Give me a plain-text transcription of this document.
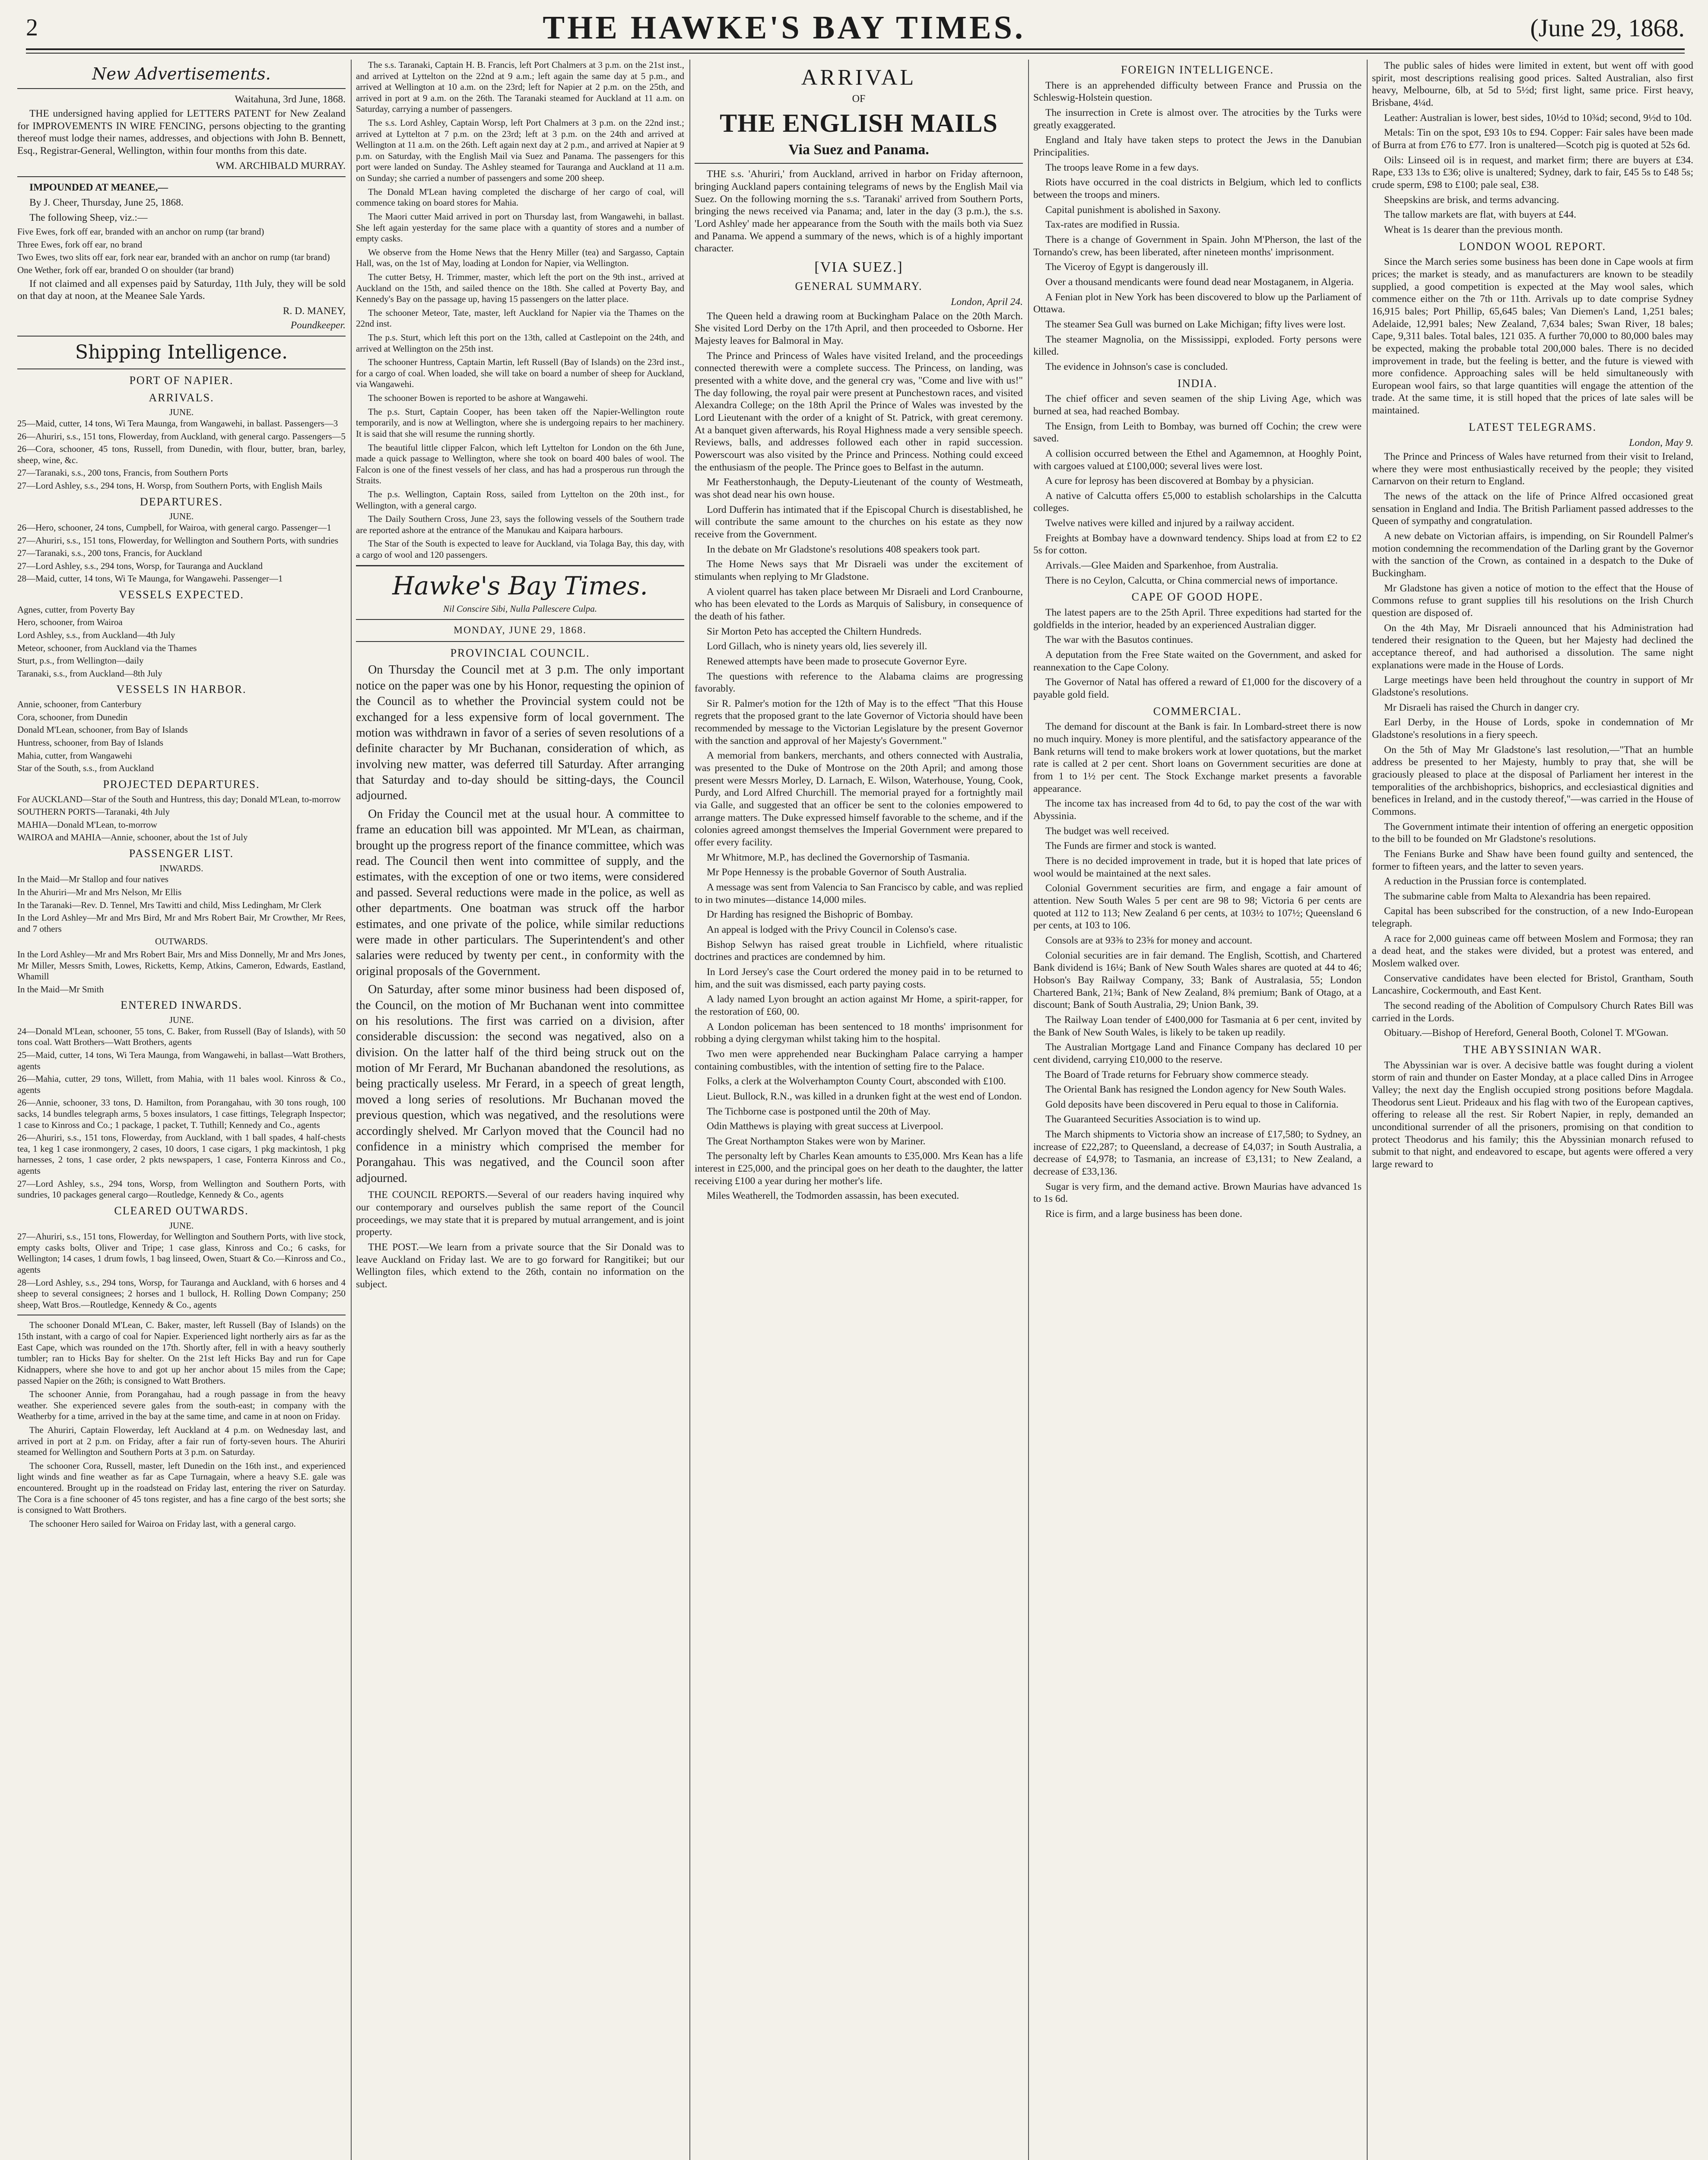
2	THE HAWKE'S BAY TIMES.	(June 29, 1868.
New Advertisements.
Waitahuna, 3rd June, 1868.

THE undersigned having applied for LETTERS PATENT for New Zealand for IMPROVEMENTS IN WIRE FENCING, persons objecting to the granting thereof must lodge their names, addresses, and objections with John B. Bennett, Esq., Registrar-General, Wellington, within four months from this date.

WM. ARCHIBALD MURRAY.

IMPOUNDED AT MEANEE,—

By J. Cheer, Thursday, June 25, 1868.

The following Sheep, viz.:—

Five Ewes, fork off ear, branded with an anchor on rump (tar brand)

Three Ewes, fork off ear, no brand

Two Ewes, two slits off ear, fork near ear, branded with an anchor on rump (tar brand)

One Wether, fork off ear, branded O on shoulder (tar brand)

If not claimed and all expenses paid by Saturday, 11th July, they will be sold on that day at noon, at the Meanee Sale Yards.

R. D. MANEY,
Poundkeeper.
Shipping Intelligence.
PORT OF NAPIER.
ARRIVALS.
JUNE.

25—Maid, cutter, 14 tons, Wi Tera Maunga, from Wangawehi, in ballast. Passengers—3

26—Ahuriri, s.s., 151 tons, Flowerday, from Auckland, with general cargo. Passengers—5

26—Cora, schooner, 45 tons, Russell, from Dunedin, with flour, butter, bran, barley, sheep, wine, &c.

27—Taranaki, s.s., 200 tons, Francis, from Southern Ports

27—Lord Ashley, s.s., 294 tons, H. Worsp, from Southern Ports, with English Mails

DEPARTURES.
JUNE.

26—Hero, schooner, 24 tons, Cumpbell, for Wairoa, with general cargo. Passenger—1

27—Ahuriri, s.s., 151 tons, Flowerday, for Wellington and Southern Ports, with sundries

27—Taranaki, s.s., 200 tons, Francis, for Auckland

27—Lord Ashley, s.s., 294 tons, Worsp, for Tauranga and Auckland

28—Maid, cutter, 14 tons, Wi Te Maunga, for Wangawehi. Passenger—1

VESSELS EXPECTED.

Agnes, cutter, from Poverty Bay

Hero, schooner, from Wairoa

Lord Ashley, s.s., from Auckland—4th July

Meteor, schooner, from Auckland via the Thames

Sturt, p.s., from Wellington—daily

Taranaki, s.s., from Auckland—8th July

VESSELS IN HARBOR.

Annie, schooner, from Canterbury

Cora, schooner, from Dunedin

Donald M'Lean, schooner, from Bay of Islands

Huntress, schooner, from Bay of Islands

Mahia, cutter, from Wangawehi

Star of the South, s.s., from Auckland

PROJECTED DEPARTURES.

For AUCKLAND—Star of the South and Huntress, this day; Donald M'Lean, to-morrow

SOUTHERN PORTS—Taranaki, 4th July

MAHIA—Donald M'Lean, to-morrow

WAIROA and MAHIA—Annie, schooner, about the 1st of July

PASSENGER LIST.
INWARDS.

In the Maid—Mr Stallop and four natives

In the Ahuriri—Mr and Mrs Nelson, Mr Ellis

In the Taranaki—Rev. D. Tennel, Mrs Tawitti and child, Miss Ledingham, Mr Clerk

In the Lord Ashley—Mr and Mrs Bird, Mr and Mrs Robert Bair, Mr Crowther, Mr Rees, and 7 others

OUTWARDS.

In the Lord Ashley—Mr and Mrs Robert Bair, Mrs and Miss Donnelly, Mr and Mrs Jones, Mr Miller, Messrs Smith, Lowes, Ricketts, Kemp, Atkins, Cameron, Edwards, Eastland, Whamill

In the Maid—Mr Smith

ENTERED INWARDS.
JUNE.

24—Donald M'Lean, schooner, 55 tons, C. Baker, from Russell (Bay of Islands), with 50 tons coal. Watt Brothers—Watt Brothers, agents

25—Maid, cutter, 14 tons, Wi Tera Maunga, from Wangawehi, in ballast—Watt Brothers, agents

26—Mahia, cutter, 29 tons, Willett, from Mahia, with 11 bales wool. Kinross & Co., agents

26—Annie, schooner, 33 tons, D. Hamilton, from Porangahau, with 30 tons rough, 100 sacks, 14 bundles telegraph arms, 5 boxes insulators, 1 case fittings, Telegraph Inspector; 1 case to Kinross and Co.; 1 package, 1 packet, T. Tuthill; Kennedy and Co., agents

26—Ahuriri, s.s., 151 tons, Flowerday, from Auckland, with 1 ball spades, 4 half-chests tea, 1 keg 1 case ironmongery, 2 cases, 10 doors, 1 case cigars, 1 pkg mackintosh, 1 pkg harnesses, 2 tons, 1 case order, 2 pkts newspapers, 1 case, Fonterra Kinross and Co., agents

27—Lord Ashley, s.s., 294 tons, Worsp, from Wellington and Southern Ports, with sundries, 10 packages general cargo—Routledge, Kennedy & Co., agents

CLEARED OUTWARDS.
JUNE.

27—Ahuriri, s.s., 151 tons, Flowerday, for Wellington and Southern Ports, with live stock, empty casks bolts, Oliver and Tripe; 1 case glass, Kinross and Co.; 6 casks, for Wellington; 14 cases, 1 drum fowls, 1 bag linseed, Owen, Stuart & Co.—Kinross and Co., agents

28—Lord Ashley, s.s., 294 tons, Worsp, for Tauranga and Auckland, with 6 horses and 4 sheep to several consignees; 2 horses and 1 bullock, H. Rolling Down Company; 250 sheep, Watt Bros.—Routledge, Kennedy & Co., agents

The schooner Donald M'Lean, C. Baker, master, left Russell (Bay of Islands) on the 15th instant, with a cargo of coal for Napier. Experienced light northerly airs as far as the East Cape, which was rounded on the 17th. Shortly after, fell in with a heavy southerly tumbler; ran to Hicks Bay for shelter. On the 21st left Hicks Bay and run for Cape Kidnappers, where she hove to and got up her anchor about 15 miles from the Cape; passed Napier on the 26th; is consigned to Watt Brothers.

The schooner Annie, from Porangahau, had a rough passage in from the heavy weather. She experienced severe gales from the south-east; in company with the Weatherby for a time, arrived in the bay at the same time, and came in at noon on Friday.

The Ahuriri, Captain Flowerday, left Auckland at 4 p.m. on Wednesday last, and arrived in port at 2 p.m. on Friday, after a fair run of forty-seven hours. The Ahuriri steamed for Wellington and Southern Ports at 3 p.m. on Saturday.

The schooner Cora, Russell, master, left Dunedin on the 16th inst., and experienced light winds and fine weather as far as Cape Turnagain, where a heavy S.E. gale was encountered. Brought up in the roadstead on Friday last, entering the river on Saturday. The Cora is a fine schooner of 45 tons register, and has a fine cargo of the best sorts; she is consigned to Watt Brothers.

The schooner Hero sailed for Wairoa on Friday last, with a general cargo.

The s.s. Taranaki, Captain H. B. Francis, left Port Chalmers at 3 p.m. on the 21st inst., and arrived at Lyttelton on the 22nd at 9 a.m.; left again the same day at 5 p.m., and arrived at Wellington at 10 a.m. on the 23rd; left for Napier at 2 p.m. on the 25th, and arrived in port at 9 a.m. on the 26th. The Taranaki steamed for Auckland at 11 a.m. on Saturday, carrying a number of passengers.

The s.s. Lord Ashley, Captain Worsp, left Port Chalmers at 3 p.m. on the 22nd inst.; arrived at Lyttelton at 7 p.m. on the 23rd; left at 3 p.m. on the 24th and arrived at Wellington at 11 a.m. on the 26th. Left again next day at 2 p.m., and arrived at Napier at 9 p.m. on Saturday, with the English Mail via Suez and Panama. The passengers for this port were landed on Sunday. The Ashley steamed for Tauranga and Auckland at 11 a.m. on Sunday; she carried a number of passengers and some 200 sheep.

The Donald M'Lean having completed the discharge of her cargo of coal, will commence taking on board stores for Mahia.

The Maori cutter Maid arrived in port on Thursday last, from Wangawehi, in ballast. She left again yesterday for the same place with a quantity of stores and a number of empty casks.

We observe from the Home News that the Henry Miller (tea) and Sargasso, Captain Hall, was, on the 1st of May, loading at London for Napier, via Wellington.

The cutter Betsy, H. Trimmer, master, which left the port on the 9th inst., arrived at Auckland on the 15th, and sailed thence on the 18th. She called at Poverty Bay, and Kennedy's Bay on the passage up, having 15 passengers on the latter place.

The schooner Meteor, Tate, master, left Auckland for Napier via the Thames on the 22nd inst.

The p.s. Sturt, which left this port on the 13th, called at Castlepoint on the 24th, and arrived at Wellington on the 25th inst.

The schooner Huntress, Captain Martin, left Russell (Bay of Islands) on the 23rd inst., for a cargo of coal. When loaded, she will take on board a number of sheep for Auckland, via Wangawehi.

The schooner Bowen is reported to be ashore at Wangawehi.

The p.s. Sturt, Captain Cooper, has been taken off the Napier-Wellington route temporarily, and is now at Wellington, where she is undergoing repairs to her machinery. It is said that she will resume the running shortly.

The beautiful little clipper Falcon, which left Lyttelton for London on the 6th June, made a quick passage to Wellington, where she took on board 400 bales of wool. The Falcon is one of the finest vessels of her class, and has had a prosperous run through the Straits.

The p.s. Wellington, Captain Ross, sailed from Lyttelton on the 20th inst., for Wellington, with a general cargo.

The Daily Southern Cross, June 23, says the following vessels of the Southern trade are reported ashore at the entrance of the Manukau and Kaipara harbours.

The Star of the South is expected to leave for Auckland, via Tolaga Bay, this day, with a cargo of wool and 120 passengers.

Hawke's Bay Times.
Nil Conscire Sibi, Nulla Pallescere Culpa.
MONDAY, JUNE 29, 1868.
PROVINCIAL COUNCIL.

On Thursday the Council met at 3 p.m. The only important notice on the paper was one by his Honor, requesting the opinion of the Council as to whether the Provincial system could not be exchanged for a less expensive form of local government. The motion was withdrawn in favor of a series of seven resolutions of a definite character by Mr Buchanan, consideration of which, as involving new matter, was deferred till Saturday. After arranging that Saturday and to-day should be sitting-days, the Council adjourned.

On Friday the Council met at the usual hour. A committee to frame an education bill was appointed. Mr M'Lean, as chairman, brought up the progress report of the finance committee, which was read. The Council then went into committee of supply, and the estimates, with the exception of one or two items, were considered and passed. Several reductions were made in the police, as well as other departments. One boatman was struck off the harbor estimates, and one private of the police, while similar reductions were made in other particulars. The Superintendent's and other salaries were reduced by twenty per cent., in conformity with the original proposals of the Government.

On Saturday, after some minor business had been disposed of, the Council, on the motion of Mr Buchanan went into committee on his resolutions. The first was carried on a division, after considerable discussion: the second was negatived, also on a division. On the latter half of the third being struck out on the motion of Mr Ferard, Mr Buchanan abandoned the resolutions, as being practically useless. Mr Ferard, in a speech of great length, moved a long series of resolutions. Mr Buchanan moved the previous question, which was negatived, and the resolutions were accordingly shelved. Mr Carlyon moved that the Council had no confidence in a ministry which comprised the member for Porangahau. This was negatived, and the Council soon after adjourned.

THE COUNCIL REPORTS.—Several of our readers having inquired why our contemporary and ourselves publish the same report of the Council proceedings, we may state that it is prepared by mutual arrangement, and is joint property.

THE POST.—We learn from a private source that the Sir Donald was to leave Auckland on Friday last. We are to go forward for Rangitikei; but our Wellington files, which extend to the 26th, contain no information on the subject.

ARRIVAL
OF
THE ENGLISH MAILS
Via Suez and Panama.

THE s.s. 'Ahuriri,' from Auckland, arrived in harbor on Friday afternoon, bringing Auckland papers containing telegrams of news by the English Mail via Suez. On the following morning the s.s. 'Taranaki' arrived from Southern Ports, bringing the news received via Panama; and, later in the day (3 p.m.), the s.s. 'Lord Ashley' made her appearance from the South with the mails both via Suez and Panama. We append a summary of the news, which is of a highly important character.

[VIA SUEZ.]
GENERAL SUMMARY.
London, April 24.

The Queen held a drawing room at Buckingham Palace on the 20th March. She visited Lord Derby on the 17th April, and then proceeded to Osborne. Her Majesty leaves for Balmoral in May.

The Prince and Princess of Wales have visited Ireland, and the proceedings connected therewith were a complete success. The Princess, on landing, was presented with a white dove, and the general cry was, "Come and live with us!" The day following, the royal pair were present at Punchestown races, and visited Alexandra College; on the 18th April the Prince of Wales was invested by the Lord Lieutenant with the order of a knight of St. Patrick, with great ceremony. At a banquet given afterwards, his Royal Highness made a very sensible speech. Reviews, balls, and addresses followed each other in rapid succession. Powerscourt was also visited by the Prince and Princess. Nothing could exceed the enthusiasm of the people. The Prince goes to Belfast in the autumn.

Mr Featherstonhaugh, the Deputy-Lieutenant of the county of Westmeath, was shot dead near his own house.

Lord Dufferin has intimated that if the Episcopal Church is disestablished, he will contribute the same amount to the churches on his estate as they now receive from the Government.

In the debate on Mr Gladstone's resolutions 408 speakers took part.

The Home News says that Mr Disraeli was under the excitement of stimulants when replying to Mr Gladstone.

A violent quarrel has taken place between Mr Disraeli and Lord Cranbourne, who has been elevated to the Lords as Marquis of Salisbury, in consequence of the death of his father.

Sir Morton Peto has accepted the Chiltern Hundreds.

Lord Gillach, who is ninety years old, lies severely ill.

Renewed attempts have been made to prosecute Governor Eyre.

The questions with reference to the Alabama claims are progressing favorably.

Sir R. Palmer's motion for the 12th of May is to the effect "That this House regrets that the proposed grant to the late Governor of Victoria should have been recommended by message to the Victorian Legislature by the present Governor with the sanction and approval of her Majesty's Government."

A memorial from bankers, merchants, and others connected with Australia, was presented to the Duke of Montrose on the 20th April; and among those present were Messrs Morley, D. Larnach, E. Wilson, Waterhouse, Young, Cook, Purdy, and Lord Alfred Churchill. The memorial prayed for a fortnightly mail via Galle, and suggested that an officer be sent to the colonies empowered to arrange matters. The Duke expressed himself favorable to the scheme, and if the colonies agreed amongst themselves the Imperial Government were prepared to offer every facility.

Mr Whitmore, M.P., has declined the Governorship of Tasmania.

Mr Pope Hennessy is the probable Governor of South Australia.

A message was sent from Valencia to San Francisco by cable, and was replied to in two minutes—distance 14,000 miles.

Dr Harding has resigned the Bishopric of Bombay.

An appeal is lodged with the Privy Council in Colenso's case.

Bishop Selwyn has raised great trouble in Lichfield, where ritualistic doctrines and practices are condemned by him.

In Lord Jersey's case the Court ordered the money paid in to be returned to him, and the suit was dismissed, each party paying costs.

A lady named Lyon brought an action against Mr Home, a spirit-rapper, for the restoration of £60, 00.

A London policeman has been sentenced to 18 months' imprisonment for robbing a dying clergyman whilst taking him to the hospital.

Two men were apprehended near Buckingham Palace carrying a hamper containing combustibles, with the intention of setting fire to the Palace.

Folks, a clerk at the Wolverhampton County Court, absconded with £100.

Lieut. Bullock, R.N., was killed in a drunken fight at the west end of London.

The Tichborne case is postponed until the 20th of May.

Odin Matthews is playing with great success at Liverpool.

The Great Northampton Stakes were won by Mariner.

The personalty left by Charles Kean amounts to £35,000. Mrs Kean has a life interest in £25,000, and the principal goes on her death to the daughter, the latter receiving £100 a year during her mother's life.

Miles Weatherell, the Todmorden assassin, has been executed.

FOREIGN INTELLIGENCE.

There is an apprehended difficulty between France and Prussia on the Schleswig-Holstein question.

The insurrection in Crete is almost over. The atrocities by the Turks were greatly exaggerated.

England and Italy have taken steps to protect the Jews in the Danubian Principalities.

The troops leave Rome in a few days.

Riots have occurred in the coal districts in Belgium, which led to conflicts between the troops and miners.

Capital punishment is abolished in Saxony.

Tax-rates are modified in Russia.

There is a change of Government in Spain. John M'Pherson, the last of the Tornando's crew, has been liberated, after nineteen months' imprisonment.

The Viceroy of Egypt is dangerously ill.

Over a thousand mendicants were found dead near Mostaganem, in Algeria.

A Fenian plot in New York has been discovered to blow up the Parliament of Ottawa.

The steamer Sea Gull was burned on Lake Michigan; fifty lives were lost.

The steamer Magnolia, on the Mississippi, exploded. Forty persons were killed.

The evidence in Johnson's case is concluded.

INDIA.

The chief officer and seven seamen of the ship Living Age, which was burned at sea, had reached Bombay.

The Ensign, from Leith to Bombay, was burned off Cochin; the crew were saved.

A collision occurred between the Ethel and Agamemnon, at Hooghly Point, with cargoes valued at £100,000; several lives were lost.

A cure for leprosy has been discovered at Bombay by a physician.

A native of Calcutta offers £5,000 to establish scholarships in the Calcutta colleges.

Twelve natives were killed and injured by a railway accident.

Freights at Bombay have a downward tendency. Ships load at from £2 to £2 5s for cotton.

Arrivals.—Glee Maiden and Sparkenhoe, from Australia.

There is no Ceylon, Calcutta, or China commercial news of importance.

CAPE OF GOOD HOPE.

The latest papers are to the 25th April. Three expeditions had started for the goldfields in the interior, headed by an experienced Australian digger.

The war with the Basutos continues.

A deputation from the Free State waited on the Government, and asked for reannexation to the Cape Colony.

The Governor of Natal has offered a reward of £1,000 for the discovery of a payable gold field.

COMMERCIAL.

The demand for discount at the Bank is fair. In Lombard-street there is now no much inquiry. Money is more plentiful, and the satisfactory appearance of the Bank returns will tend to make brokers work at lower quotations, but the market rate is called at 2 per cent. Short loans on Government securities are done at from 1 to 1½ per cent. The Stock Exchange market presents a favorable appearance.

The income tax has increased from 4d to 6d, to pay the cost of the war with Abyssinia.

The budget was well received.

The Funds are firmer and stock is wanted.

There is no decided improvement in trade, but it is hoped that late prices of wool would be maintained at the next sales.

Colonial Government securities are firm, and engage a fair amount of attention. New South Wales 5 per cent are 98 to 98; Victoria 6 per cents are quoted at 112 to 113; New Zealand 6 per cents, at 103½ to 107½; Queensland 6 per cents, at 103 to 106.

Consols are at 93⅜ to 23⅝ for money and account.

Colonial securities are in fair demand. The English, Scottish, and Chartered Bank dividend is 16¼; Bank of New South Wales shares are quoted at 44 to 46; Hobson's Bay Railway Company, 33; Bank of Australasia, 55; London Chartered Bank, 21¾; Bank of New Zealand, 8¾ premium; Bank of Otago, at a discount; Bank of South Australia, 29; Union Bank, 39.

The Railway Loan tender of £400,000 for Tasmania at 6 per cent, invited by the Bank of New South Wales, is likely to be taken up readily.

The Australian Mortgage Land and Finance Company has declared 10 per cent dividend, carrying £10,000 to the reserve.

The Board of Trade returns for February show commerce steady.

The Oriental Bank has resigned the London agency for New South Wales.

Gold deposits have been discovered in Peru equal to those in California.

The Guaranteed Securities Association is to wind up.

The March shipments to Victoria show an increase of £17,580; to Sydney, an increase of £22,287; to Queensland, a decrease of £4,037; in South Australia, a decrease of £4,978; to Tasmania, an increase of £3,131; to New Zealand, a decrease of £33,136.

Sugar is very firm, and the demand active. Brown Maurias have advanced 1s to 1s 6d.

Rice is firm, and a large business has been done.

The public sales of hides were limited in extent, but went off with good spirit, most descriptions realising good prices. Salted Australian, also first heavy, Melbourne, 6lb, at 5d to 5½d; first light, same price. First heavy, Brisbane, 4¼d.

Leather: Australian is lower, best sides, 10½d to 10¾d; second, 9½d to 10d.

Metals: Tin on the spot, £93 10s to £94. Copper: Fair sales have been made of Burra at from £76 to £77. Iron is unaltered—Scotch pig is quoted at 52s 6d.

Oils: Linseed oil is in request, and market firm; there are buyers at £34. Rape, £33 13s to £36; olive is unaltered; Sydney, dark to fair, £45 5s to £48 5s; crude sperm, £98 to £100; pale seal, £38.

Sheepskins are brisk, and terms advancing.

The tallow markets are flat, with buyers at £44.

Wheat is 1s dearer than the previous month.

LONDON WOOL REPORT.

Since the March series some business has been done in Cape wools at firm prices; the market is steady, and as manufacturers are known to be steadily supplied, a good competition is expected at the May wool sales, which commence either on the 7th or 11th. Arrivals up to date comprise Sydney 16,915 bales; Port Phillip, 65,645 bales; Van Diemen's Land, 1,251 bales; Adelaide, 12,991 bales; New Zealand, 7,634 bales; Swan River, 18 bales; Cape, 9,311 bales. Total bales, 121 035. A further 70,000 to 80,000 bales may be expected, making the probable total 200,000 bales. There is no decided improvement in trade, but the feeling is better, and the future is viewed with more confidence. Approaching sales will be held simultaneously with European wool fairs, so that large quantities will engage the attention of the trade. At the same time, it is still hoped that the prices of late sales will be maintained.

LATEST TELEGRAMS.
London, May 9.

The Prince and Princess of Wales have returned from their visit to Ireland, where they were most enthusiastically received by the people; they visited Carnarvon on their return to England.

The news of the attack on the life of Prince Alfred occasioned great sensation in England and India. The British Parliament passed addresses to the Queen of sympathy and congratulation.

A new debate on Victorian affairs, is impending, on Sir Roundell Palmer's motion condemning the recommendation of the Darling grant by the Governor with the sanction of the Crown, as contained in a despatch to the Duke of Buckingham.

Mr Gladstone has given a notice of motion to the effect that the House of Commons refuse to grant supplies till his resolutions on the Irish Church question are disposed of.

On the 4th May, Mr Disraeli announced that his Administration had tendered their resignation to the Queen, but her Majesty had declined the acceptance thereof, and had authorised a dissolution. The same night explanations were made in the House of Lords.

Large meetings have been held throughout the country in support of Mr Gladstone's resolutions.

Mr Disraeli has raised the Church in danger cry.

Earl Derby, in the House of Lords, spoke in condemnation of Mr Gladstone's resolutions in a fiery speech.

On the 5th of May Mr Gladstone's last resolution,—"That an humble address be presented to her Majesty, humbly to pray that, she will be graciously pleased to place at the disposal of Parliament her interest in the temporalities of the archbishoprics, bishoprics, and ecclesiastical dignities and benefices in Ireland, and in the custody thereof,"—was carried in the House of Commons.

The Government intimate their intention of offering an energetic opposition to the bill to be founded on Mr Gladstone's resolutions.

The Fenians Burke and Shaw have been found guilty and sentenced, the former to fifteen years, and the latter to seven years.

A reduction in the Prussian force is contemplated.

The submarine cable from Malta to Alexandria has been repaired.

Capital has been subscribed for the construction, of a new Indo-European telegraph.

A race for 2,000 guineas came off between Moslem and Formosa; they ran a dead heat, and the stakes were divided, but a protest was entered, and Moslem walked over.

Conservative candidates have been elected for Bristol, Grantham, South Lancashire, Cockermouth, and East Kent.

The second reading of the Abolition of Compulsory Church Rates Bill was carried in the Lords.

Obituary.—Bishop of Hereford, General Booth, Colonel T. M'Gowan.

THE ABYSSINIAN WAR.

The Abyssinian war is over. A decisive battle was fought during a violent storm of rain and thunder on Easter Monday, at a place called Dins in Arrogee Valley; the next day the English occupied strong positions before Magdala. Theodorus sent Lieut. Prideaux and his flag with two of the European captives, offering to release all the rest. Sir Robert Napier, in reply, demanded an unconditional surrender of all the prisoners, promising on that condition to protect Theodorus and his family; this the Abyssinian monarch refused to submit to that night, and endeavored to escape, but agents were offered a very large reward to
